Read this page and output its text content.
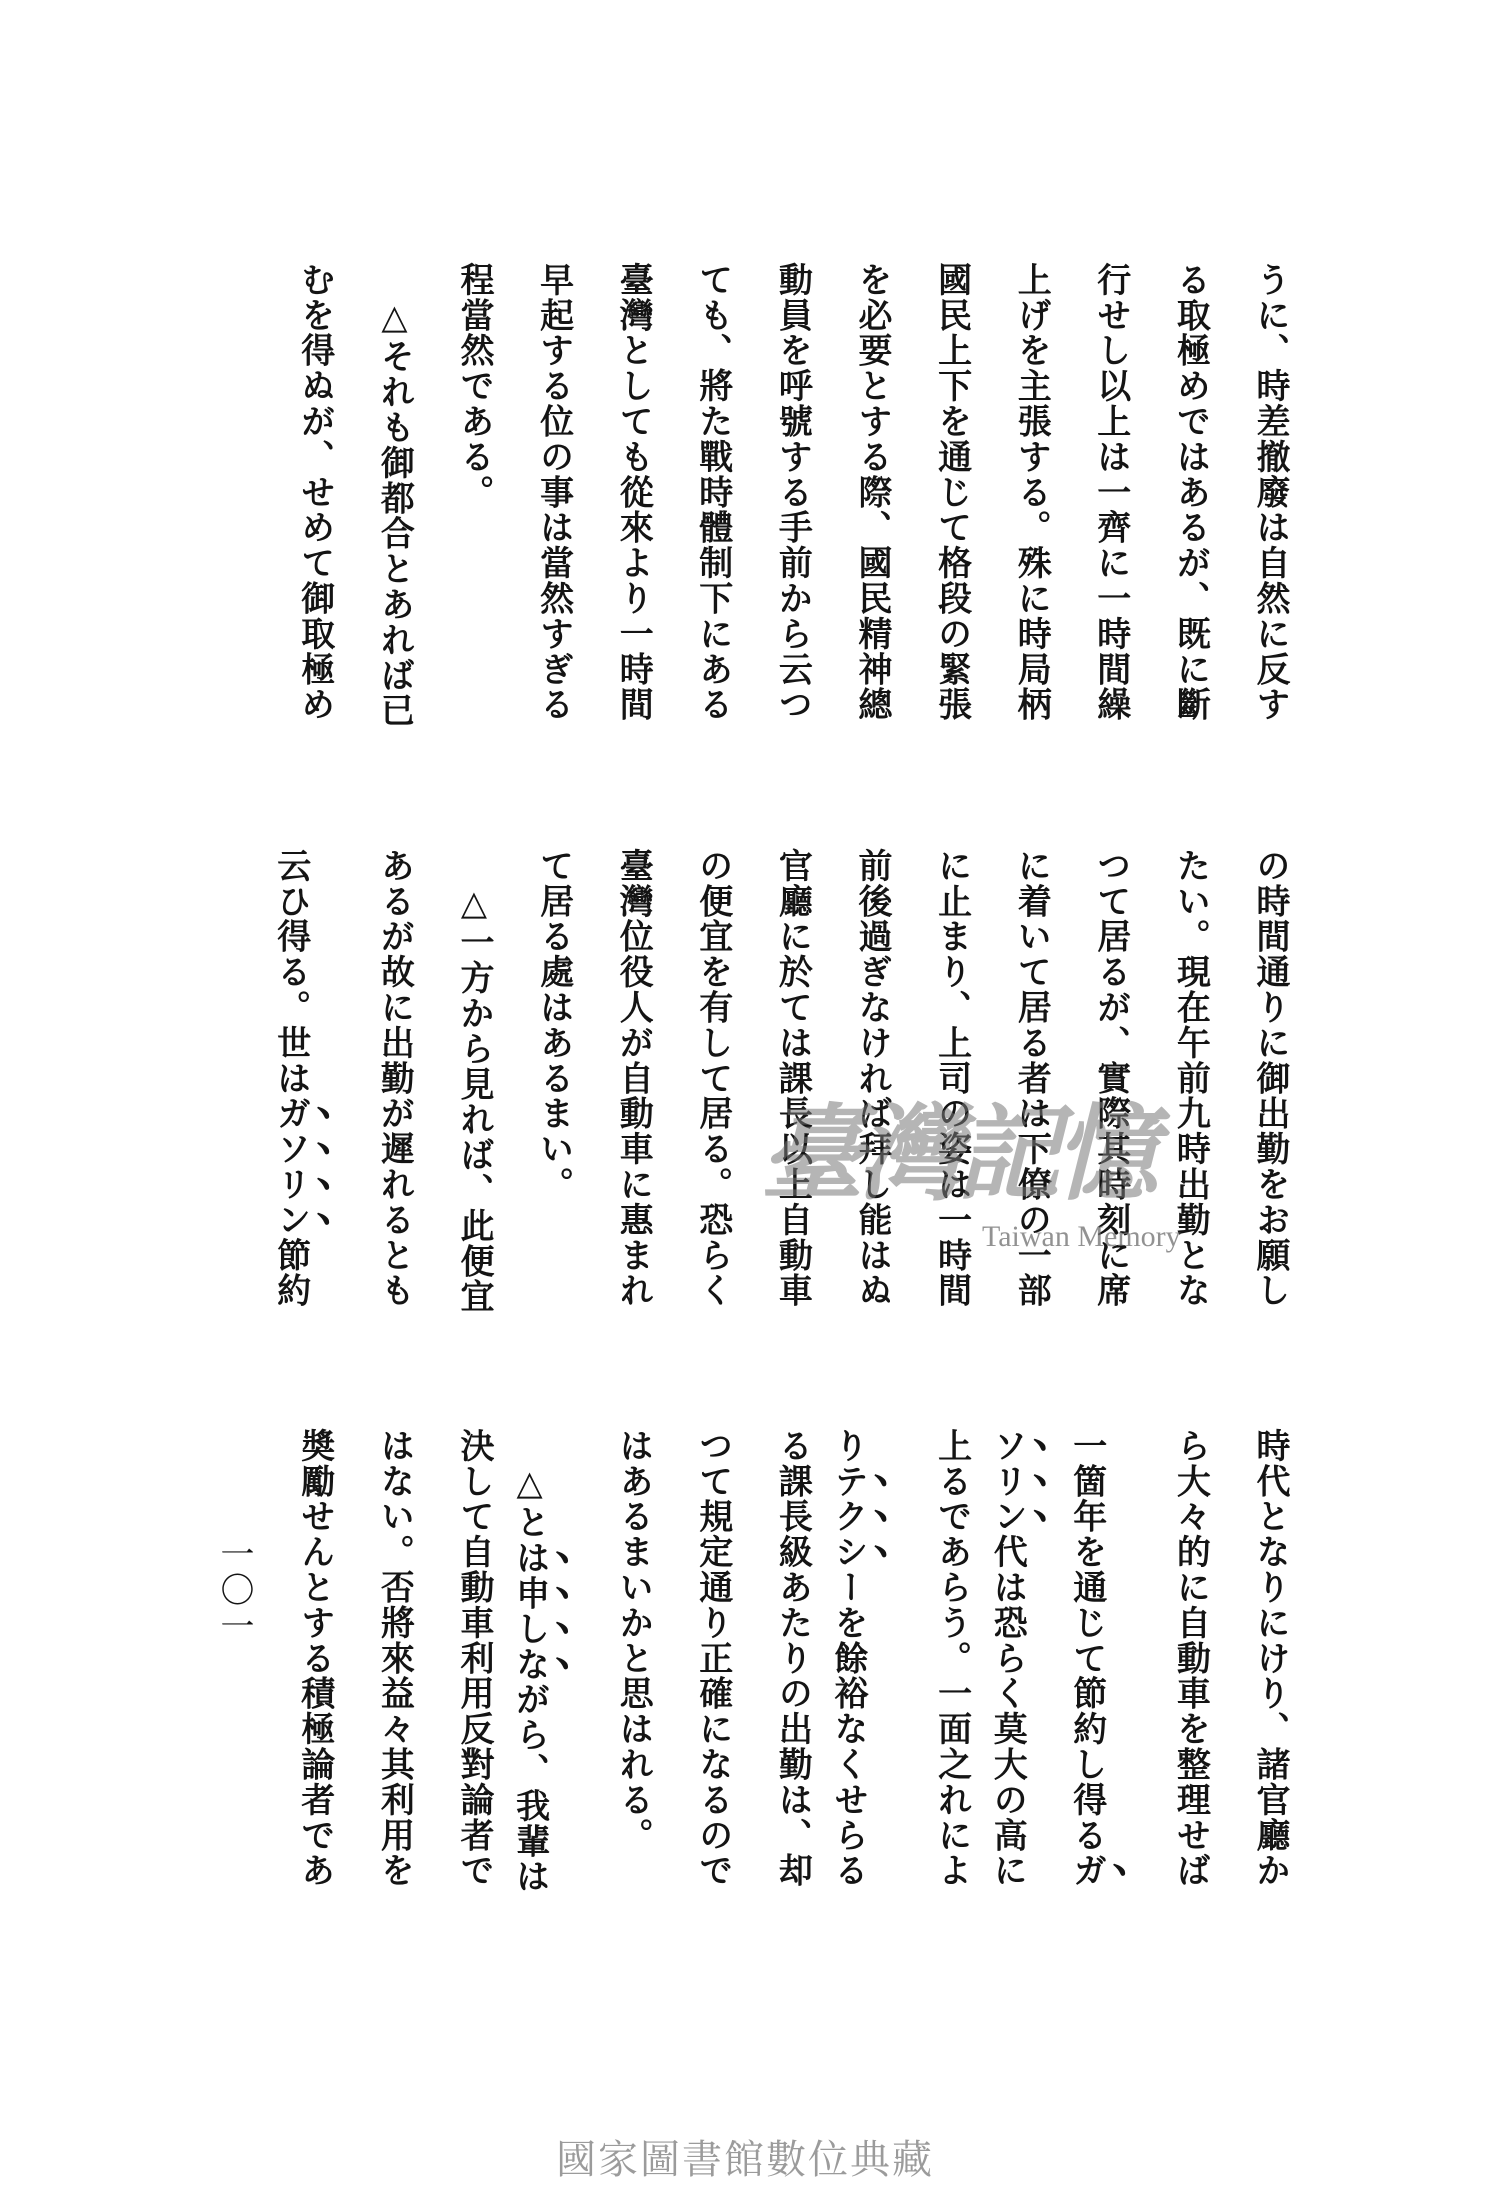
うに、時差撤廢は自然に反す
る取極めではあるが、既に斷
行せし以上は一齊に一時間繰
上げを主張する。殊に時局柄
國民上下を通じて格段の緊張
を必要とする際、國民精神總
動員を呼號する手前から云つ
ても、將た戰時體制下にある
臺灣としても從來より一時間
早起する位の事は當然すぎる
程當然である。
　△それも御都合とあれば已
むを得ぬが、せめて御取極め
の時間通りに御出勤をお願し
たい。現在午前九時出勤とな
つて居るが、實際其時刻に席
に着いて居る者は下僚の一部
に止まり、上司の姿は一時間
前後過ぎなければ拜し能はぬ
官廳に於ては課長以上自動車
の便宜を有して居る。恐らく
臺灣位役人が自動車に惠まれ
て居る處はあるまい。
　△一方から見れば、此便宜
あるが故に出勤が遲れるとも
云ひ得る。世はガソリン節約
時代となりにけり、諸官廳か
ら大々的に自動車を整理せば
一箇年を通じて節約し得るガ
ソリン代は恐らく莫大の高に
上るであらう。一面之れによ
りテクシーを餘裕なくせらる
る課長級あたりの出勤は、却
つて規定通り正確になるので
はあるまいかと思はれる。
　△とは申しながら、我輩は
決して自動車利用反對論者で
はない。否將來益々其利用を
奬勵せんとする積極論者であ
一〇一
臺灣記憶
Taiwan Memory
國家圖書館數位典藏
